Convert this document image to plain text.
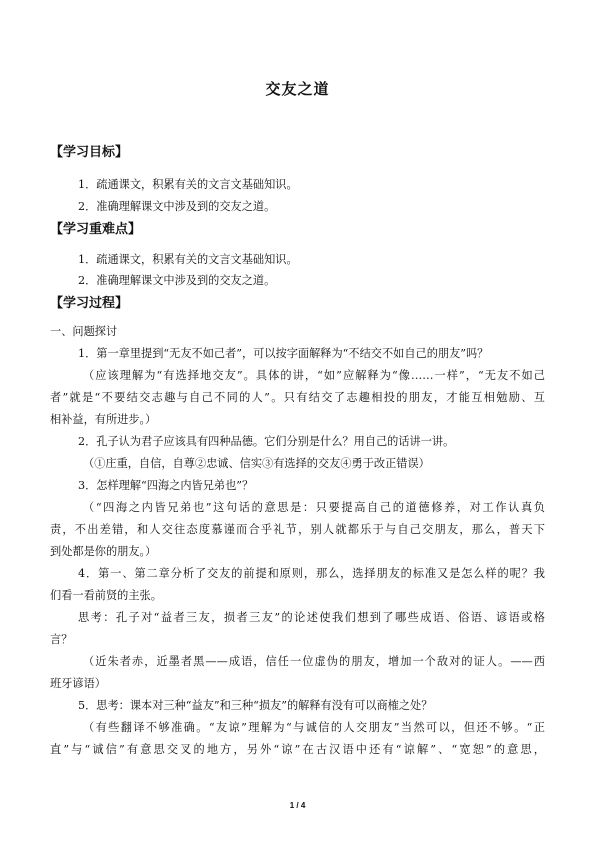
交友之道
【学习目标】
1．疏通课文，积累有关的文言文基础知识。
2．准确理解课文中涉及到的交友之道。
【学习重难点】
1．疏通课文，积累有关的文言文基础知识。
2．准确理解课文中涉及到的交友之道。
【学习过程】
一、问题探讨
1．第一章里提到“无友不如己者”，可以按字面解释为“不结交不如自己的朋友”吗？
（应该理解为“有选择地交友”。具体的讲，“如”应解释为“像……一样”，“无友不如己
者”就是“不要结交志趣与自己不同的人”。只有结交了志趣相投的朋友，才能互相勉励、互
相补益，有所进步。）
2．孔子认为君子应该具有四种品德。它们分别是什么？用自己的话讲一讲。
（①庄重，自信，自尊②忠诚、信实③有选择的交友④勇于改正错误）
3．怎样理解“四海之内皆兄弟也”？
（“四海之内皆兄弟也”这句话的意思是：只要提高自己的道德修养，对工作认真负
责，不出差错，和人交往态度慕谨而合乎礼节，别人就都乐于与自己交朋友，那么，普天下
到处都是你的朋友。）
4．第一、第二章分析了交友的前提和原则，那么，选择朋友的标准又是怎么样的呢？我
们看一看前贤的主张。
思考：孔子对“益者三友，损者三友”的论述使我们想到了哪些成语、俗语、谚语或格
言？
（近朱者赤，近墨者黑——成语，信任一位虚伪的朋友，增加一个敌对的证人。——西
班牙谚语）
5．思考：课本对三种“益友”和三种“损友”的解释有没有可以商榷之处？
（有些翻译不够准确。“友谅”理解为“与诚信的人交朋友”当然可以，但还不够。“正
直”与“诚信”有意思交叉的地方，另外“谅”在古汉语中还有“谅解”、“宽恕”的意思，
1 / 4
